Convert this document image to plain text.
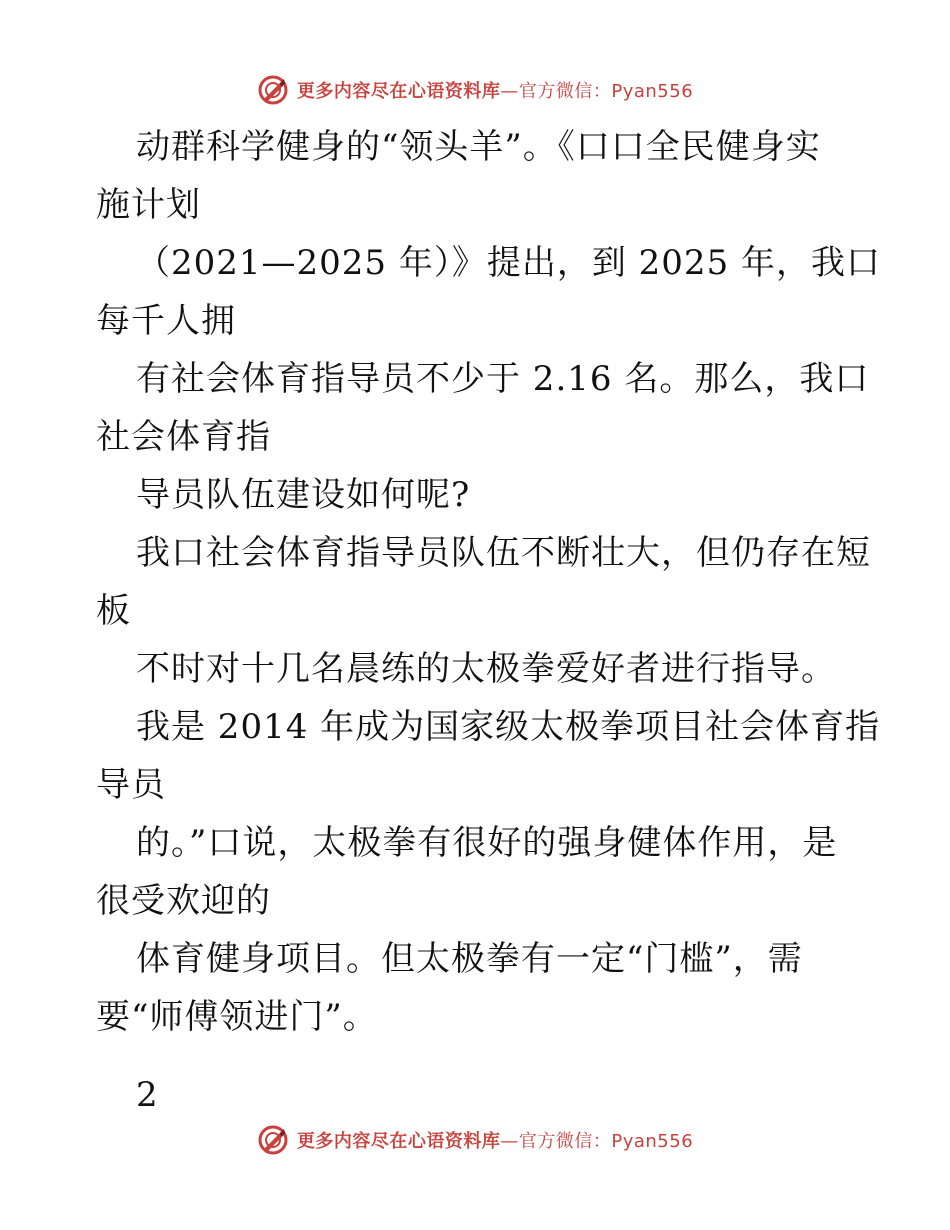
更多内容尽在心语资料库—官方微信：Pyan556
动群科学健身的“领头羊”。《口口全民健身实
施计划
（2021—2025 年）》提出，到 2025 年，我口
每千人拥
有社会体育指导员不少于 2.16 名。那么，我口
社会体育指
导员队伍建设如何呢?
我口社会体育指导员队伍不断壮大，但仍存在短
板
不时对十几名晨练的太极拳爱好者进行指导。
我是 2014 年成为国家级太极拳项目社会体育指
导员
的。”口说，太极拳有很好的强身健体作用，是
很受欢迎的
体育健身项目。但太极拳有一定“门槛”，需
要“师傅领进门”。
2
更多内容尽在心语资料库—官方微信：Pyan556
